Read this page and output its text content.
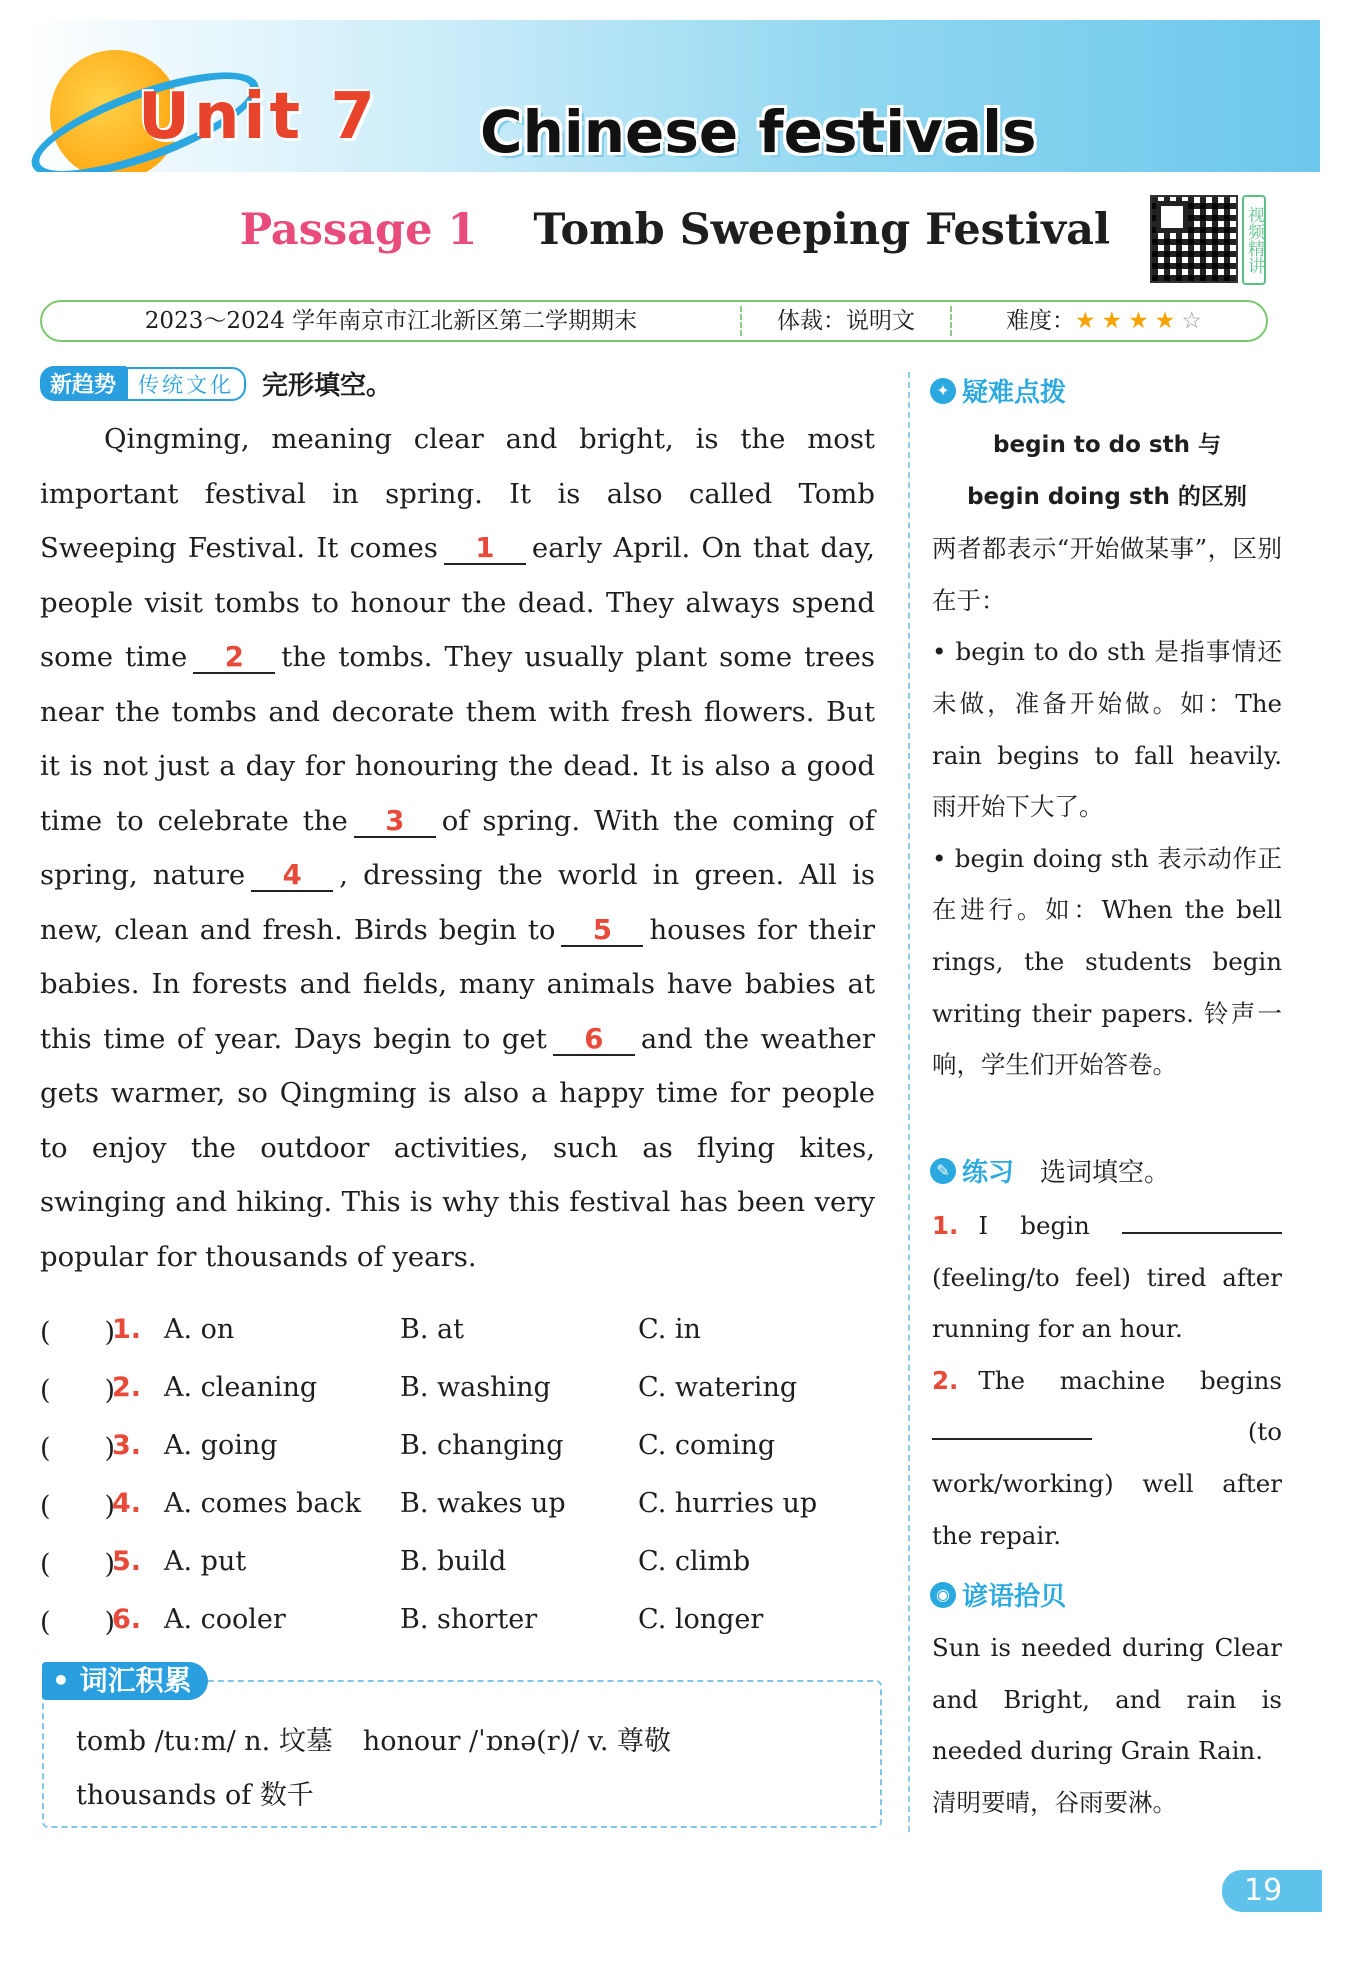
Unit 7 Chinese festivals
Passage 1 Tomb Sweeping Festival	视频精讲
2023～2024 学年南京市江北新区第二学期期末	体裁：说明文	难度：★★★★☆
新趋势	传统文化	完形填空。
Qingming, meaning clear and bright, is the most important festival in spring. It is also called Tomb Sweeping Festival. It comes 1 early April. On that day, people visit tombs to honour the dead. They always spend some time 2 the tombs. They usually plant some trees near the tombs and decorate them with fresh flowers. But it is not just a day for honouring the dead. It is also a good time to celebrate the 3 of spring. With the coming of spring, nature 4 , dressing the world in green. All is new, clean and fresh. Birds begin to 5 houses for their babies. In forests and fields, many animals have babies at this time of year. Days begin to get 6 and the weather gets warmer, so Qingming is also a happy time for people to enjoy the outdoor activities, such as flying kites, swinging and hiking. This is why this festival has been very popular for thousands of years.
(　　)
1. A. on	B. at	C. in
(　　)
2. A. cleaning	B. washing	C. watering
(　　)
3. A. going	B. changing	C. coming
(　　)
4. A. comes back	B. wakes up	C. hurries up
(　　)
5. A. put	B. build	C. climb
(　　)
6. A. cooler	B. shorter	C. longer
• 词汇积累
tomb /tuːm/ n. 坟墓 honour /ˈɒnə(r)/ v. 尊敬
thousands of 数千
✦ 疑难点拨
begin to do sth 与
begin doing sth 的区别
两者都表示“开始做某事”，区别在于：
• begin to do sth 是指事情还未做，准备开始做。如：The rain begins to fall heavily. 雨开始下大了。
• begin doing sth 表示动作正在进行。如：When the bell rings, the students begin writing their papers. 铃声一响，学生们开始答卷。
✎ 练习 选词填空。
1. I begin  (feeling/to feel) tired after running for an hour.
2. The machine begins  (to work/working) well after the repair.
◉ 谚语拾贝
Sun is needed during Clear and Bright, and rain is needed during Grain Rain.
清明要晴，谷雨要淋。
19
